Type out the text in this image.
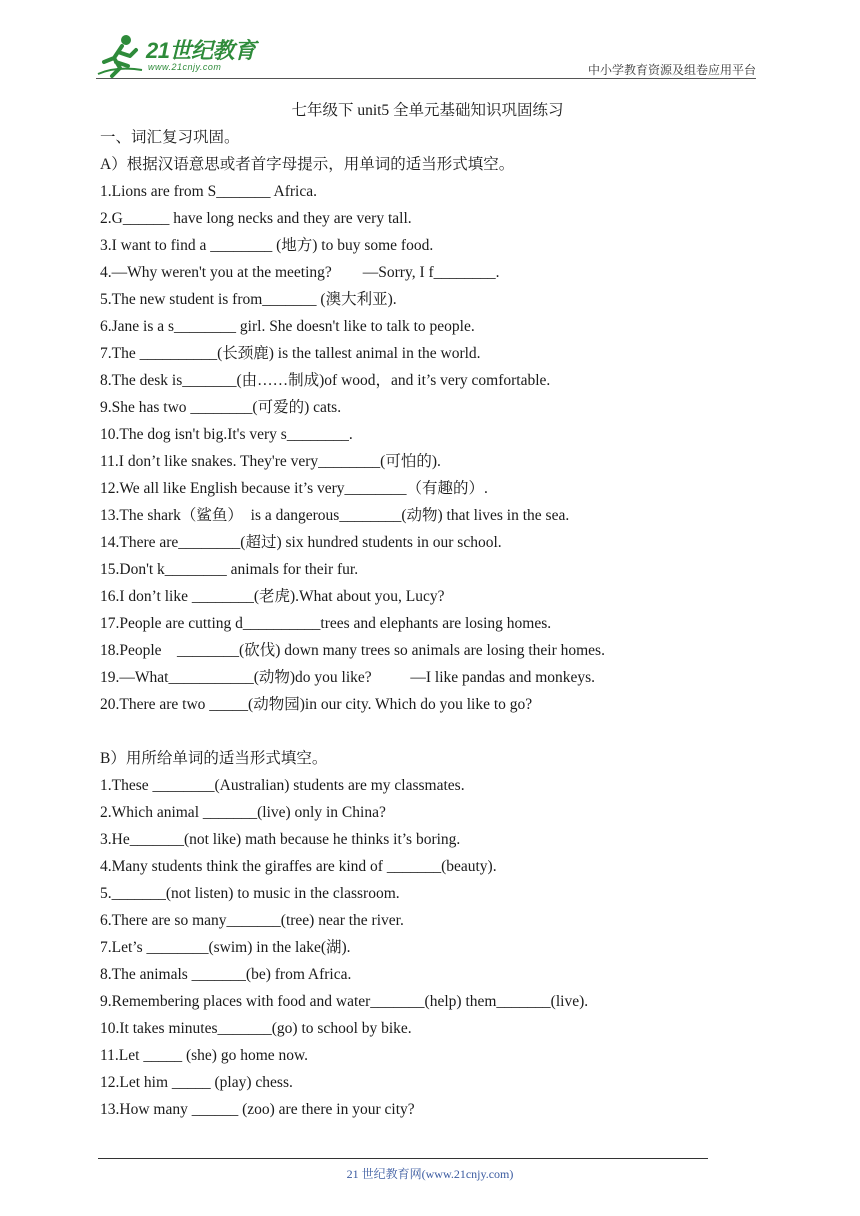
21世纪教育
www.21cnjy.com	中小学教育资源及组卷应用平台
七年级下 unit5 全单元基础知识巩固练习
一、词汇复习巩固。
A）根据汉语意思或者首字母提示，用单词的适当形式填空。
1.Lions are from S_______ Africa.
2.G______ have long necks and they are very tall.
3.I want to find a ________ (地方) to buy some food.
4.—Why weren't you at the meeting?        —Sorry, I f________.
5.The new student is from_______ (澳大利亚).
6.Jane is a s________ girl. She doesn't like to talk to people.
7.The __________(长颈鹿) is the tallest animal in the world.
8.The desk is_______(由……制成)of wood，and it’s very comfortable.
9.She has two ________(可爱的) cats.
10.The dog isn't big.It's very s________.
11.I don’t like snakes. They're very________(可怕的).
12.We all like English because it’s very________（有趣的）.
13.The shark（鲨鱼）  is a dangerous________(动物) that lives in the sea.
14.There are________(超过) six hundred students in our school.
15.Don't k________ animals for their fur.
16.I don’t like ________(老虎).What about you, Lucy?
17.People are cutting d__________trees and elephants are losing homes.
18.People    ________(砍伐) down many trees so animals are losing their homes.
19.—What___________(动物)do you like?          —I like pandas and monkeys.
20.There are two _____(动物园)in our city. Which do you like to go?
B）用所给单词的适当形式填空。
1.These ________(Australian) students are my classmates.
2.Which animal _______(live) only in China?
3.He_______(not like) math because he thinks it’s boring.
4.Many students think the giraffes are kind of _______(beauty).
5._______(not listen) to music in the classroom.
6.There are so many_______(tree) near the river.
7.Let’s ________(swim) in the lake(湖).
8.The animals _______(be) from Africa.
9.Remembering places with food and water_______(help) them_______(live).
10.It takes minutes_______(go) to school by bike.
11.Let _____ (she) go home now.
12.Let him _____ (play) chess.
13.How many ______ (zoo) are there in your city?
21 世纪教育网(www.21cnjy.com)
